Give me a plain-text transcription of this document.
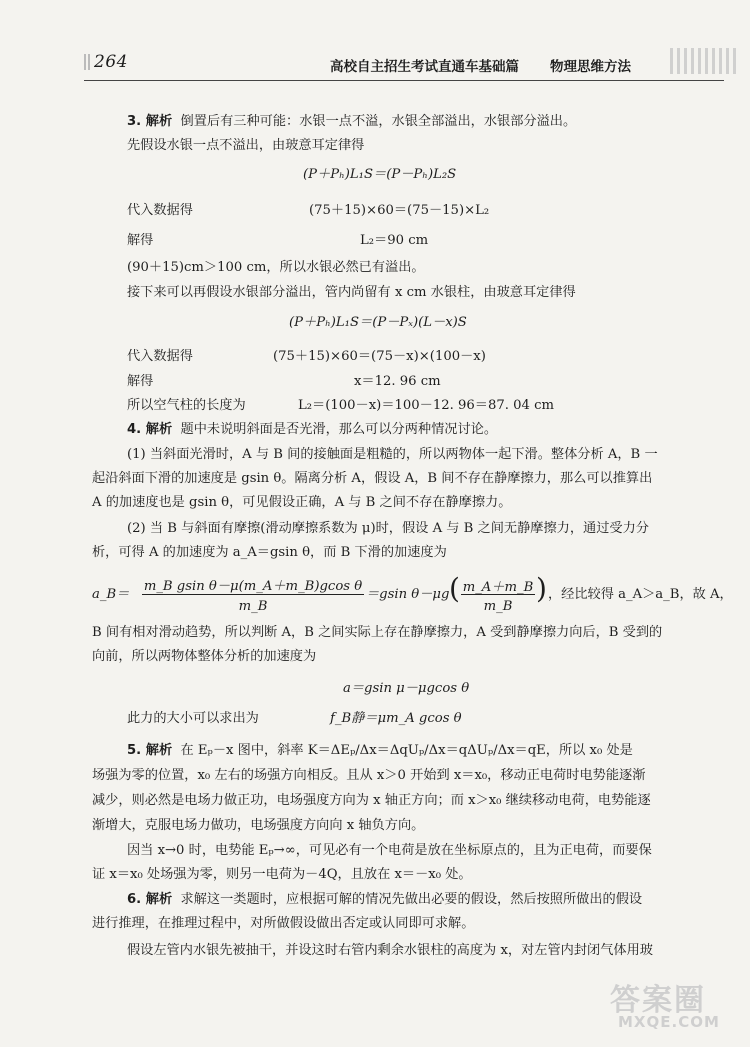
264	高校自主招生考试直通车基础篇 物理思维方法
3. 解析 倒置后有三种可能：水银一点不溢，水银全部溢出，水银部分溢出。
先假设水银一点不溢出，由玻意耳定律得
(P＋Pₕ)L₁S＝(P－Pₕ)L₂S
代入数据得	(75＋15)×60＝(75－15)×L₂
解得	L₂＝90 cm
(90＋15)cm＞100 cm，所以水银必然已有溢出。
接下来可以再假设水银部分溢出，管内尚留有 x cm 水银柱，由玻意耳定律得
(P＋Pₕ)L₁S＝(P－Pₓ)(L－x)S
代入数据得	(75＋15)×60＝(75－x)×(100－x)
解得	x＝12. 96 cm
所以空气柱的长度为	L₂＝(100－x)＝100－12. 96＝87. 04 cm
4. 解析 题中未说明斜面是否光滑，那么可以分两种情况讨论。
(1) 当斜面光滑时，A 与 B 间的接触面是粗糙的，所以两物体一起下滑。整体分析 A，B 一
起沿斜面下滑的加速度是 gsin θ。隔离分析 A，假设 A，B 间不存在静摩擦力，那么可以推算出
A 的加速度也是 gsin θ，可见假设正确，A 与 B 之间不存在静摩擦力。
(2) 当 B 与斜面有摩擦(滑动摩擦系数为 μ)时，假设 A 与 B 之间无静摩擦力，通过受力分
析，可得 A 的加速度为 a_A＝gsin θ，而 B 下滑的加速度为
a_B＝
m_B gsin θ－μ(m_A＋m_B)gcos θ
m_B
＝gsin θ－μg ( m_A＋m_B
m_B
) ，经比较得 a_A＞a_B，故 A，
B 间有相对滑动趋势，所以判断 A，B 之间实际上存在静摩擦力，A 受到静摩擦力向后，B 受到的
向前，所以两物体整体分析的加速度为
a＝gsin μ－μgcos θ
此力的大小可以求出为	f_B静＝μm_A gcos θ
5. 解析 在 Eₚ－x 图中，斜率 K＝ΔEₚ/Δx＝ΔqUₚ/Δx＝qΔUₚ/Δx＝qE，所以 x₀ 处是
场强为零的位置，x₀ 左右的场强方向相反。且从 x＞0 开始到 x＝x₀，移动正电荷时电势能逐渐
减少，则必然是电场力做正功，电场强度方向为 x 轴正方向；而 x＞x₀ 继续移动电荷，电势能逐
渐增大，克服电场力做功，电场强度方向向 x 轴负方向。
因当 x→0 时，电势能 Eₚ→∞，可见必有一个电荷是放在坐标原点的，且为正电荷，而要保
证 x＝x₀ 处场强为零，则另一电荷为－4Q，且放在 x＝－x₀ 处。
6. 解析 求解这一类题时，应根据可解的情况先做出必要的假设，然后按照所做出的假设
进行推理，在推理过程中，对所做假设做出否定或认同即可求解。
假设左管内水银先被抽干，并设这时右管内剩余水银柱的高度为 x，对左管内封闭气体用玻
答案圈
MXQE.COM
